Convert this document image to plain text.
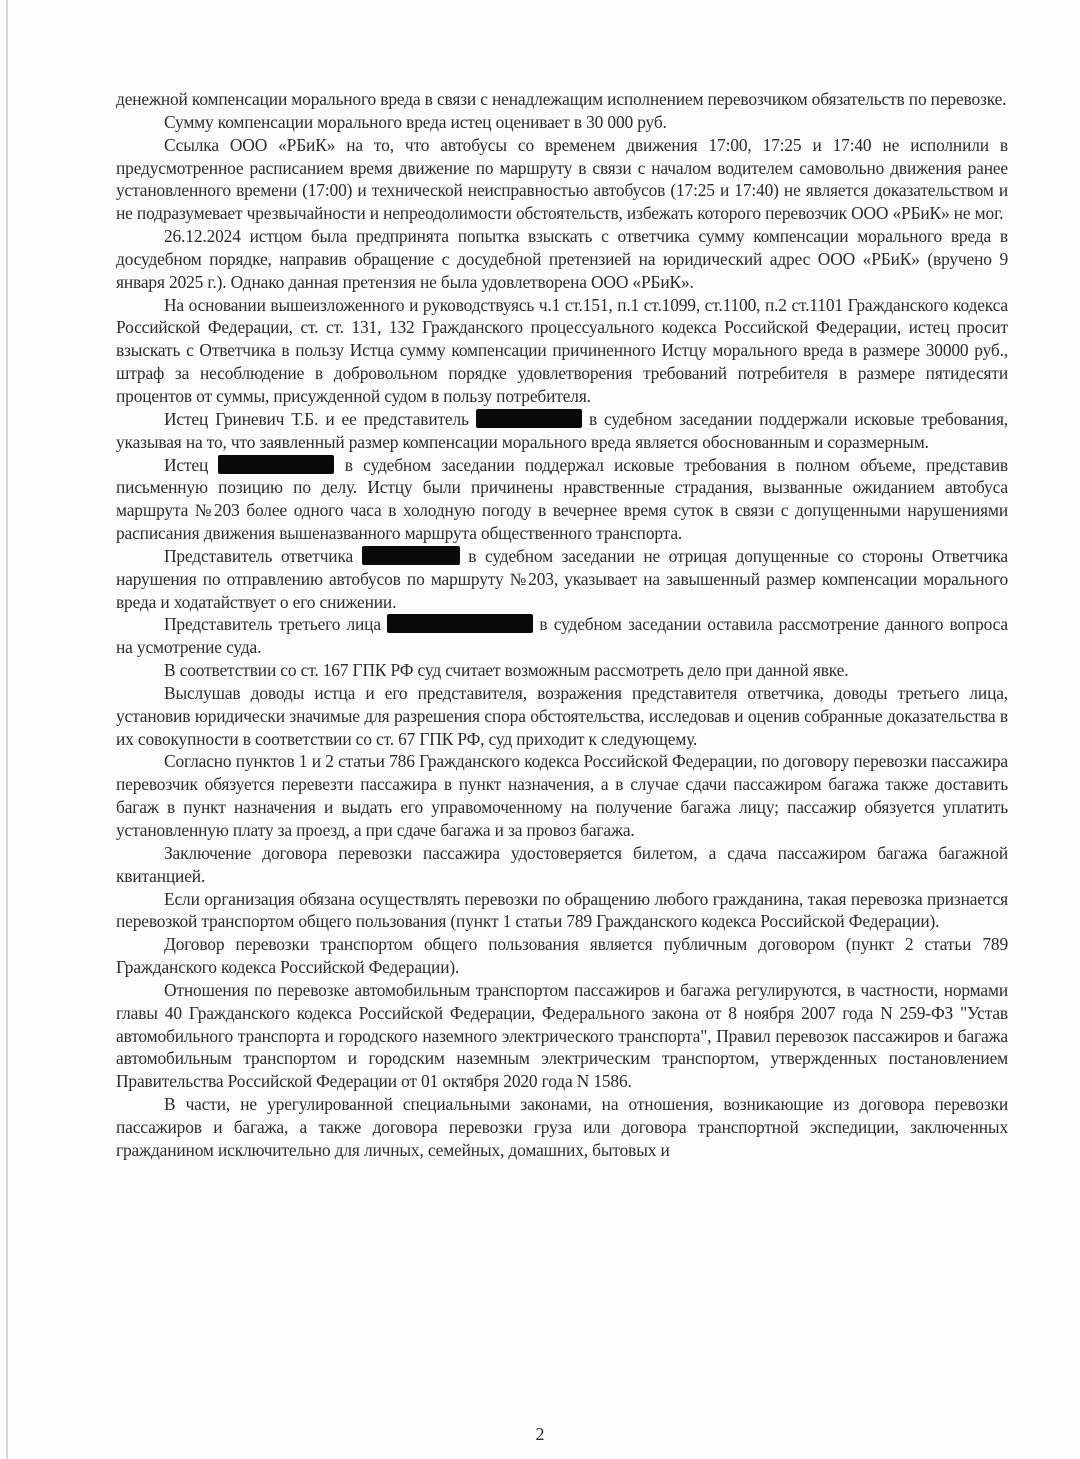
денежной компенсации морального вреда в связи с ненадлежащим исполнением перевозчиком обязательств по перевозке.

Сумму компенсации морального вреда истец оценивает в 30 000 руб.

Ссылка ООО «РБиК» на то, что автобусы со временем движения 17:00, 17:25 и 17:40 не исполнили в предусмотренное расписанием время движение по маршруту в связи с началом водителем самовольно движения ранее установленного времени (17:00) и технической неисправностью автобусов (17:25 и 17:40) не является доказательством и не подразумевает чрезвычайности и непреодолимости обстоятельств, избежать которого перевозчик ООО «РБиК» не мог.

26.12.2024 истцом была предпринята попытка взыскать с ответчика сумму компенсации морального вреда в досудебном порядке, направив обращение с досудебной претензией на юридический адрес ООО «РБиК» (вручено 9 января 2025 г.). Однако данная претензия не была удовлетворена ООО «РБиК».

На основании вышеизложенного и руководствуясь ч.1 ст.151, п.1 ст.1099, ст.1100, п.2 ст.1101 Гражданского кодекса Российской Федерации, ст. ст. 131, 132 Гражданского процессуального кодекса Российской Федерации, истец просит взыскать с Ответчика в пользу Истца сумму компенсации причиненного Истцу морального вреда в размере 30000 руб., штраф за несоблюдение в добровольном порядке удовлетворения требований потребителя в размере пятидесяти процентов от суммы, присужденной судом в пользу потребителя.

Истец Гриневич Т.Б. и ее представитель	в судебном заседании поддержали исковые требования, указывая на то, что заявленный размер компенсации морального вреда является обоснованным и соразмерным.

Истец	в судебном заседании поддержал исковые требования в полном объеме, представив письменную позицию по делу. Истцу были причинены нравственные страдания, вызванные ожиданием автобуса маршрута №203 более одного часа в холодную погоду в вечернее время суток в связи с допущенными нарушениями расписания движения вышеназванного маршрута общественного транспорта.

Представитель ответчика	в судебном заседании не отрицая допущенные со стороны Ответчика нарушения по отправлению автобусов по маршруту №203, указывает на завышенный размер компенсации морального вреда и ходатайствует о его снижении.

Представитель третьего лица	в судебном заседании оставила рассмотрение данного вопроса на усмотрение суда.

В соответствии со ст. 167 ГПК РФ суд считает возможным рассмотреть дело при данной явке.

Выслушав доводы истца и его представителя, возражения представителя ответчика, доводы третьего лица, установив юридически значимые для разрешения спора обстоятельства, исследовав и оценив собранные доказательства в их совокупности в соответствии со ст. 67 ГПК РФ, суд приходит к следующему.

Согласно пунктов 1 и 2 статьи 786 Гражданского кодекса Российской Федерации, по договору перевозки пассажира перевозчик обязуется перевезти пассажира в пункт назначения, а в случае сдачи пассажиром багажа также доставить багаж в пункт назначения и выдать его управомоченному на получение багажа лицу; пассажир обязуется уплатить установленную плату за проезд, а при сдаче багажа и за провоз багажа.

Заключение договора перевозки пассажира удостоверяется билетом, а сдача пассажиром багажа багажной квитанцией.

Если организация обязана осуществлять перевозки по обращению любого гражданина, такая перевозка признается перевозкой транспортом общего пользования (пункт 1 статьи 789 Гражданского кодекса Российской Федерации).

Договор перевозки транспортом общего пользования является публичным договором (пункт 2 статьи 789 Гражданского кодекса Российской Федерации).

Отношения по перевозке автомобильным транспортом пассажиров и багажа регулируются, в частности, нормами главы 40 Гражданского кодекса Российской Федерации, Федерального закона от 8 ноября 2007 года N 259-ФЗ "Устав автомобильного транспорта и городского наземного электрического транспорта", Правил перевозок пассажиров и багажа автомобильным транспортом и городским наземным электрическим транспортом, утвержденных постановлением Правительства Российской Федерации от 01 октября 2020 года N 1586.

В части, не урегулированной специальными законами, на отношения, возникающие из договора перевозки пассажиров и багажа, а также договора перевозки груза или договора транспортной экспедиции, заключенных гражданином исключительно для личных, семейных, домашних, бытовых и

2
